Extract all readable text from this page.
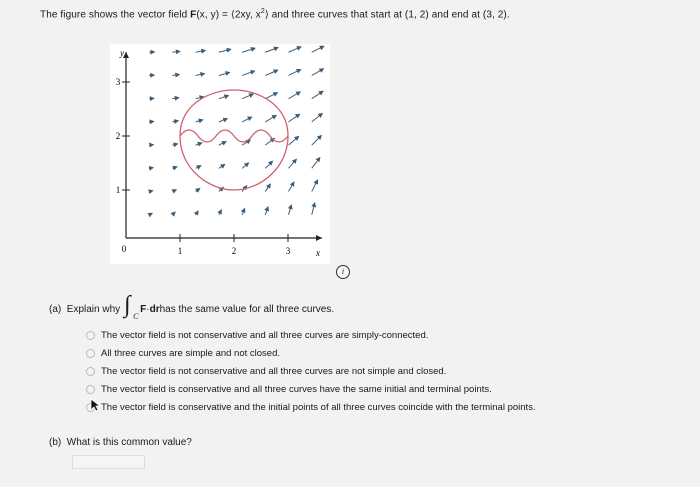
The figure shows the vector field F(x, y) = ⟨2xy, $x^2⟩$ and three curves that start at (1, 2) and end at (3, 2).
1	2	3
1
2
3
0
y
x
i
(a)
Explain why ∫ C
F · dr has the same value for all three curves.
The vector field is not conservative and all three curves are simply-connected.
All three curves are simple and not closed.
The vector field is not conservative and all three curves are not simple and closed.
The vector field is conservative and all three curves have the same initial and terminal points.
The vector field is conservative and the initial points of all three curves coincide with the terminal points.
(b) What is this common value?
